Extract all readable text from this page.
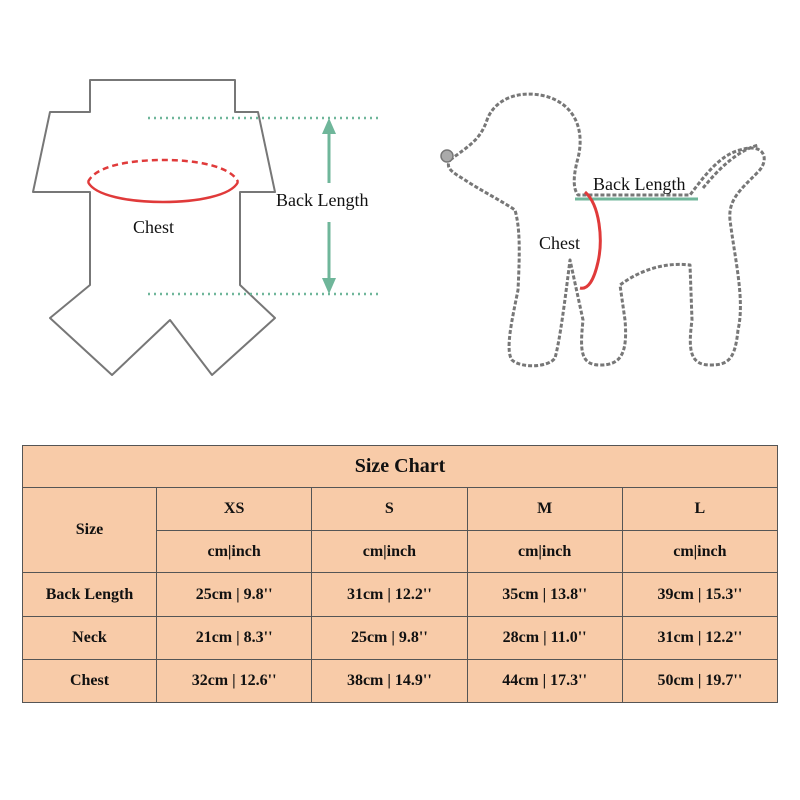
Chest
Back Length
Back Length
Chest
Size Chart				
Size	XS	S	M	L
	cm|inch	cm|inch	cm|inch	cm|inch
Back Length	25cm | 9.8''	31cm | 12.2''	35cm | 13.8''	39cm | 15.3''
Neck	21cm | 8.3''	25cm | 9.8''	28cm | 11.0''	31cm | 12.2''
Chest	32cm | 12.6''	38cm | 14.9''	44cm | 17.3''	50cm | 19.7''
